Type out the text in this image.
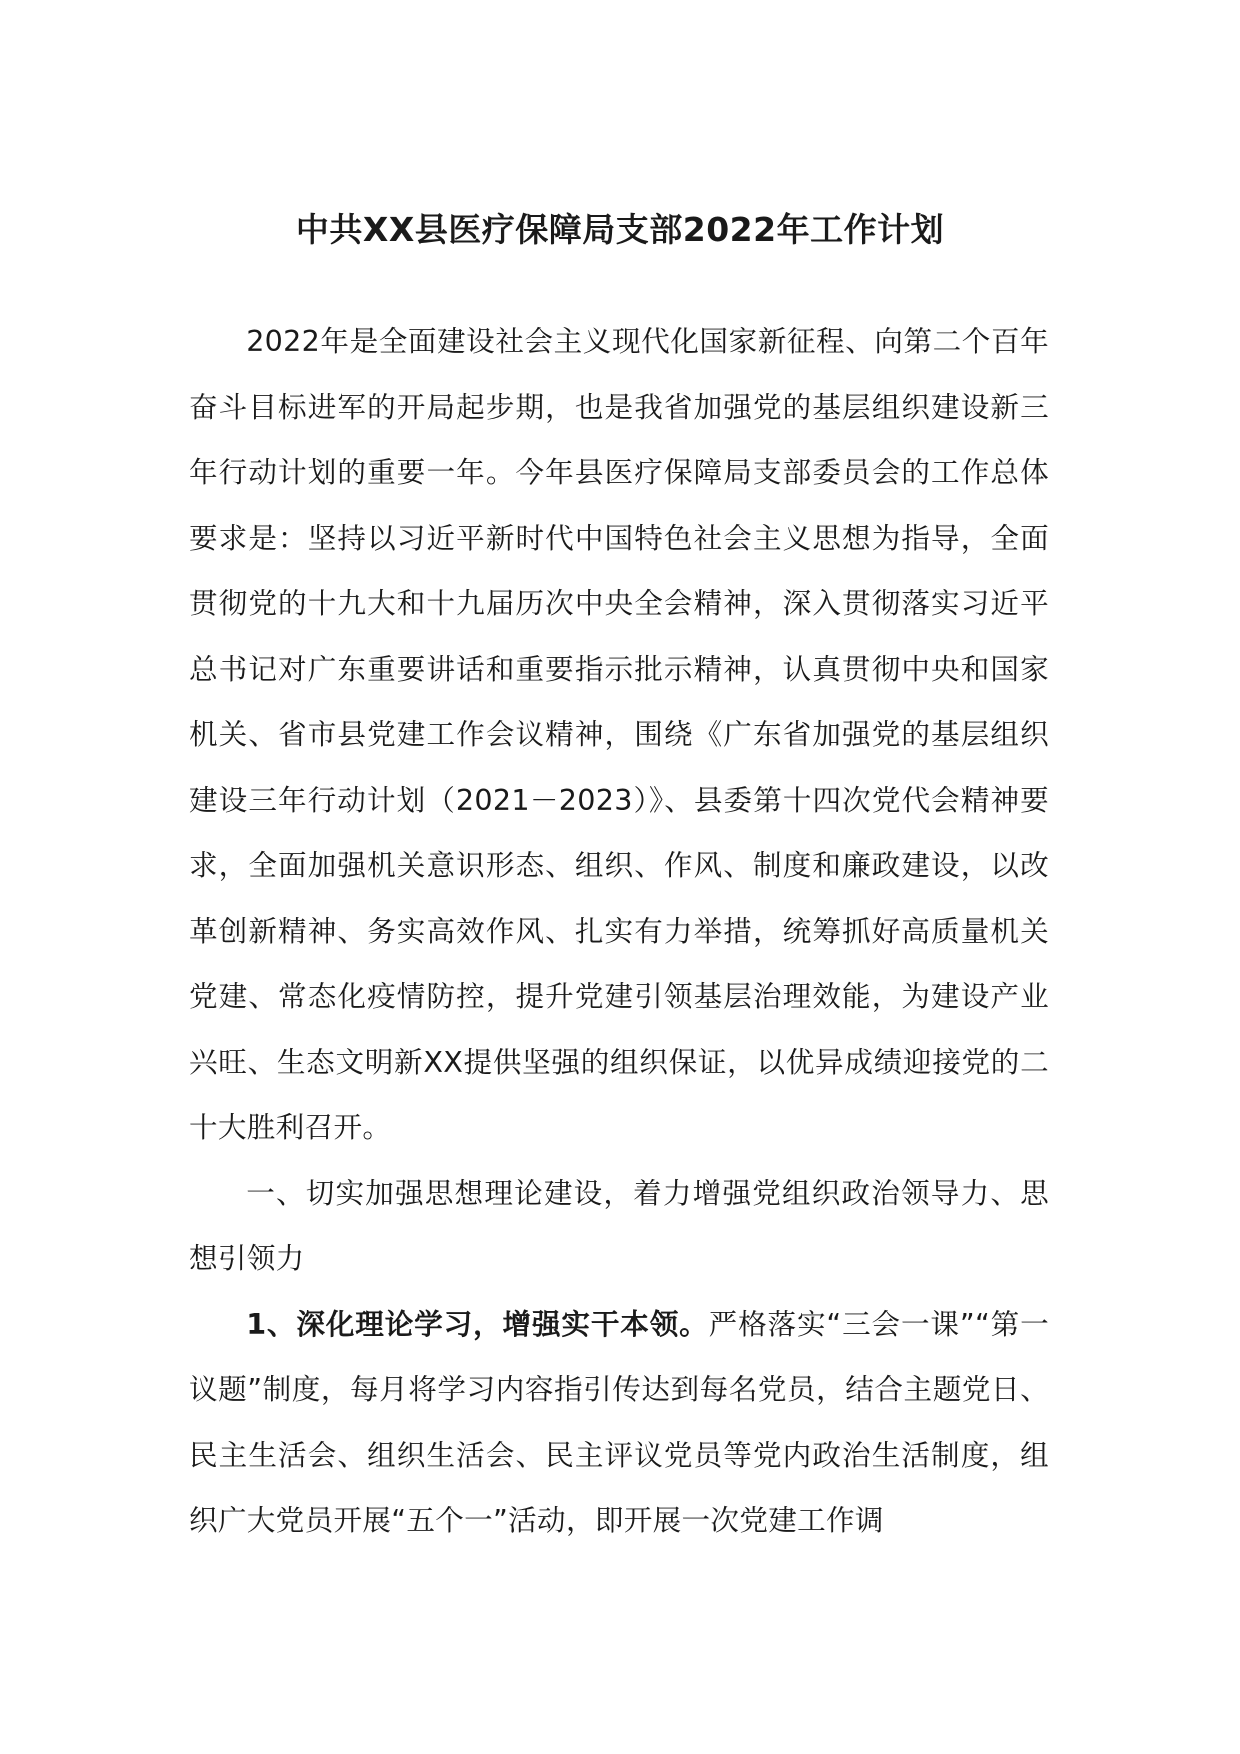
中共XX县医疗保障局支部2022年工作计划

2022年是全面建设社会主义现代化国家新征程、向第二个百年奋斗目标进军的开局起步期，也是我省加强党的基层组织建设新三年行动计划的重要一年。今年县医疗保障局支部委员会的工作总体要求是：坚持以习近平新时代中国特色社会主义思想为指导，全面贯彻党的十九大和十九届历次中央全会精神，深入贯彻落实习近平总书记对广东重要讲话和重要指示批示精神，认真贯彻中央和国家机关、省市县党建工作会议精神，围绕《广东省加强党的基层组织建设三年行动计划（2021－2023）》、县委第十四次党代会精神要求，全面加强机关意识形态、组织、作风、制度和廉政建设，以改革创新精神、务实高效作风、扎实有力举措，统筹抓好高质量机关党建、常态化疫情防控，提升党建引领基层治理效能，为建设产业兴旺、生态文明新XX提供坚强的组织保证，以优异成绩迎接党的二十大胜利召开。

一、切实加强思想理论建设，着力增强党组织政治领导力、思想引领力

1、深化理论学习，增强实干本领。严格落实“三会一课”“第一议题”制度，每月将学习内容指引传达到每名党员，结合主题党日、民主生活会、组织生活会、民主评议党员等党内政治生活制度，组织广大党员开展“五个一”活动，即开展一次党建工作调
